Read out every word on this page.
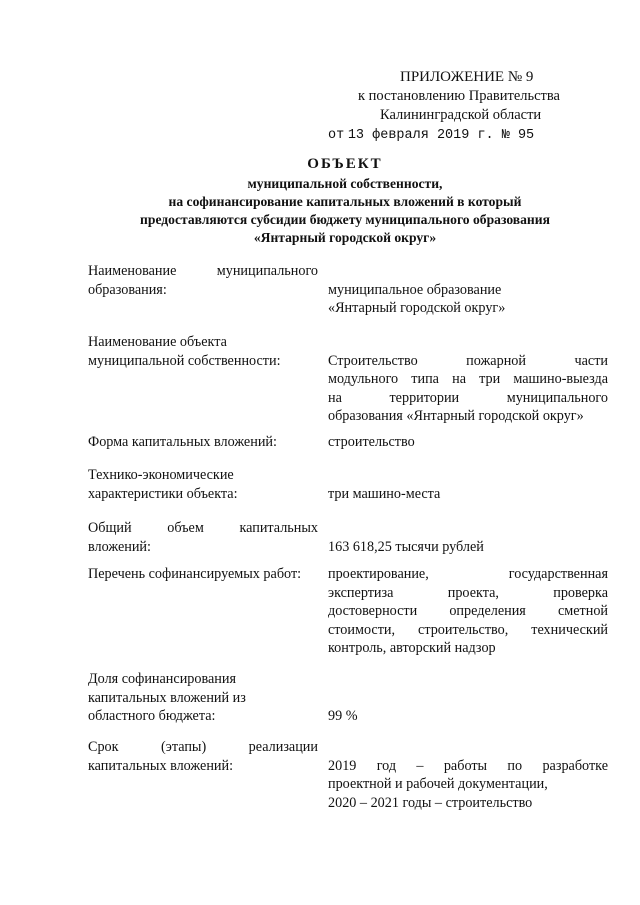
ПРИЛОЖЕНИЕ № 9
к постановлению Правительства
Калининградской области
от 13 февраля 2019 г. № 95
ОБЪЕКТ
муниципальной собственности,
на софинансирование капитальных вложений в который
предоставляются субсидии бюджету муниципального образования
«Янтарный городской округ»
Наименование муниципального
образования:	муниципальное образование
«Янтарный городской округ»
Наименование объекта
муниципальной собственности:	Строительство пожарной части
модульного типа на три машино-выезда
на территории муниципального
образования «Янтарный городской округ»
Форма капитальных вложений:	строительство
Технико-экономические
характеристики объекта:	три машино-места
Общий объем капитальных
вложений:	163 618,25 тысячи рублей
Перечень софинансируемых работ:	проектирование, государственная
экспертиза проекта, проверка
достоверности определения сметной
стоимости, строительство, технический
контроль, авторский надзор
Доля софинансирования
капитальных вложений из
областного бюджета:	99 %
Срок (этапы) реализации
капитальных вложений:	2019 год – работы по разработке
проектной и рабочей документации,
2020 – 2021 годы – строительство
